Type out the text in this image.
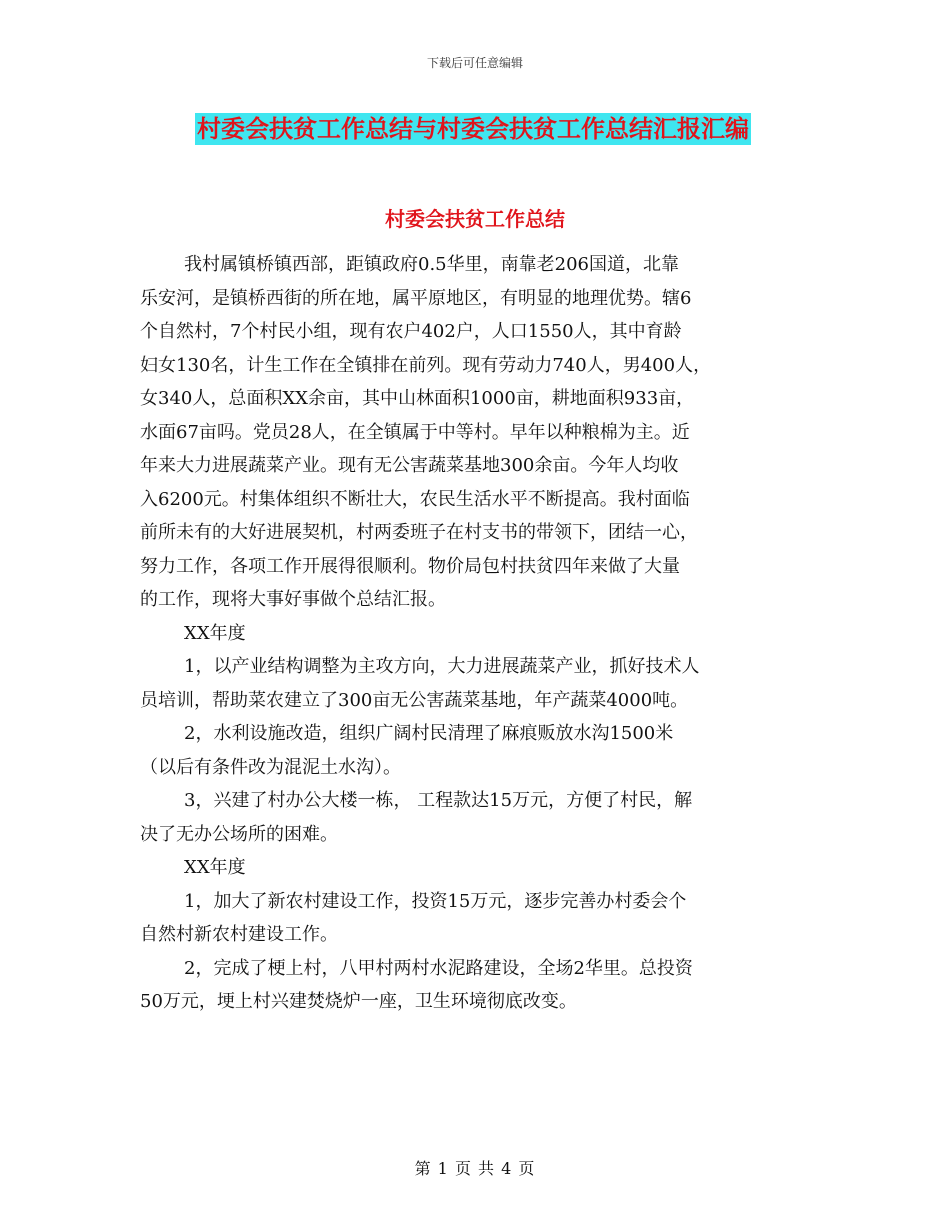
下载后可任意编辑
村委会扶贫工作总结与村委会扶贫工作总结汇报汇编
村委会扶贫工作总结

我村属镇桥镇西部，距镇政府0.5华里，南靠老206国道，北靠

乐安河，是镇桥西街的所在地，属平原地区，有明显的地理优势。辖6

个自然村，7个村民小组，现有农户402户，人口1550人，其中育龄

妇女130名，计生工作在全镇排在前列。现有劳动力740人，男400人，

女340人，总面积XX余亩，其中山林面积1000亩，耕地面积933亩，

水面67亩吗。党员28人，在全镇属于中等村。早年以种粮棉为主。近

年来大力进展蔬菜产业。现有无公害蔬菜基地300余亩。今年人均收

入6200元。村集体组织不断壮大，农民生活水平不断提高。我村面临

前所未有的大好进展契机，村两委班子在村支书的带领下，团结一心，

努力工作，各项工作开展得很顺利。物价局包村扶贫四年来做了大量

的工作，现将大事好事做个总结汇报。

XX年度

1，以产业结构调整为主攻方向，大力进展蔬菜产业，抓好技术人

员培训，帮助菜农建立了300亩无公害蔬菜基地，年产蔬菜4000吨。

2，水利设施改造，组织广阔村民清理了麻痕贩放水沟1500米

（以后有条件改为混泥土水沟）。

3，兴建了村办公大楼一栋， 工程款达15万元，方便了村民，解

决了无办公场所的困难。

XX年度

1，加大了新农村建设工作，投资15万元，逐步完善办村委会个

自然村新农村建设工作。

2，完成了梗上村，八甲村两村水泥路建设，全场2华里。总投资

50万元，埂上村兴建焚烧炉一座，卫生环境彻底改变。

第 1 页 共 4 页
